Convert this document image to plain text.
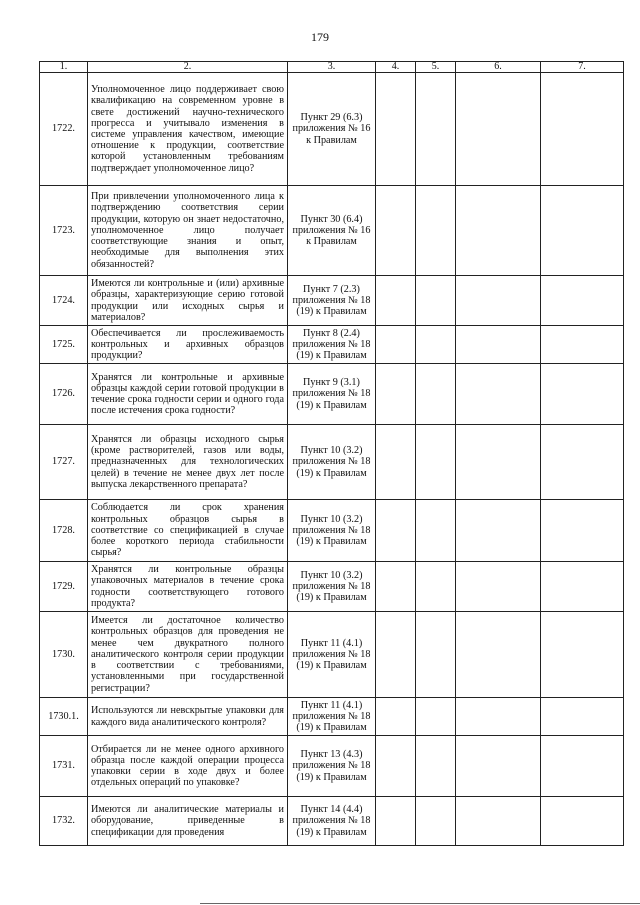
179
1.	2.	3.	4.	5.	6.	7.
1722.	Уполномоченное лицо поддерживает свою квалификацию на современном уровне в свете достижений научно-технического прогресса и учитывало изменения в системе управления качеством, имеющие отношение к продукции, соответствие которой установленным требованиям подтверждает уполномоченное лицо?	Пункт 29 (6.3) приложения № 16 к Правилам				
1723.	При привлечении уполномоченного лица к подтверждению соответствия серии продукции, которую он знает недостаточно, уполномоченное лицо получает соответствующие знания и опыт, необходимые для выполнения этих обязанностей?	Пункт 30 (6.4) приложения № 16 к Правилам				
1724.	Имеются ли контрольные и (или) архивные образцы, характеризующие серию готовой продукции или исходных сырья и материалов?	Пункт 7 (2.3) приложения № 18 (19) к Правилам				
1725.	Обеспечивается ли прослеживаемость контрольных и архивных образцов продукции?	Пункт 8 (2.4) приложения № 18 (19) к Правилам				
1726.	Хранятся ли контрольные и архивные образцы каждой серии готовой продукции в течение срока годности серии и одного года после истечения срока годности?	Пункт 9 (3.1) приложения № 18 (19) к Правилам				
1727.	Хранятся ли образцы исходного сырья (кроме растворителей, газов или воды, предназначенных для технологических целей) в течение не менее двух лет после выпуска лекарственного препарата?	Пункт 10 (3.2) приложения № 18 (19) к Правилам				
1728.	Соблюдается ли срок хранения контрольных образцов сырья в соответствие со спецификацией в случае более короткого периода стабильности сырья?	Пункт 10 (3.2) приложения № 18 (19) к Правилам				
1729.	Хранятся ли контрольные образцы упаковочных материалов в течение срока годности соответствующего готового продукта?	Пункт 10 (3.2) приложения № 18 (19) к Правилам				
1730.	Имеется ли достаточное количество контрольных образцов для проведения не менее чем двукратного полного аналитического контроля серии продукции в соответствии с требованиями, установленными при государственной регистрации?	Пункт 11 (4.1) приложения № 18 (19) к Правилам				
1730.1.	Используются ли невскрытые упаковки для каждого вида аналитического контроля?	Пункт 11 (4.1) приложения № 18 (19) к Правилам				
1731.	Отбирается ли не менее одного архивного образца после каждой операции процесса упаковки серии в ходе двух и более отдельных операций по упаковке?	Пункт 13 (4.3) приложения № 18 (19) к Правилам				
1732.	Имеются ли аналитические материалы и оборудование, приведенные в спецификации для проведения	Пункт 14 (4.4) приложения № 18 (19) к Правилам				
